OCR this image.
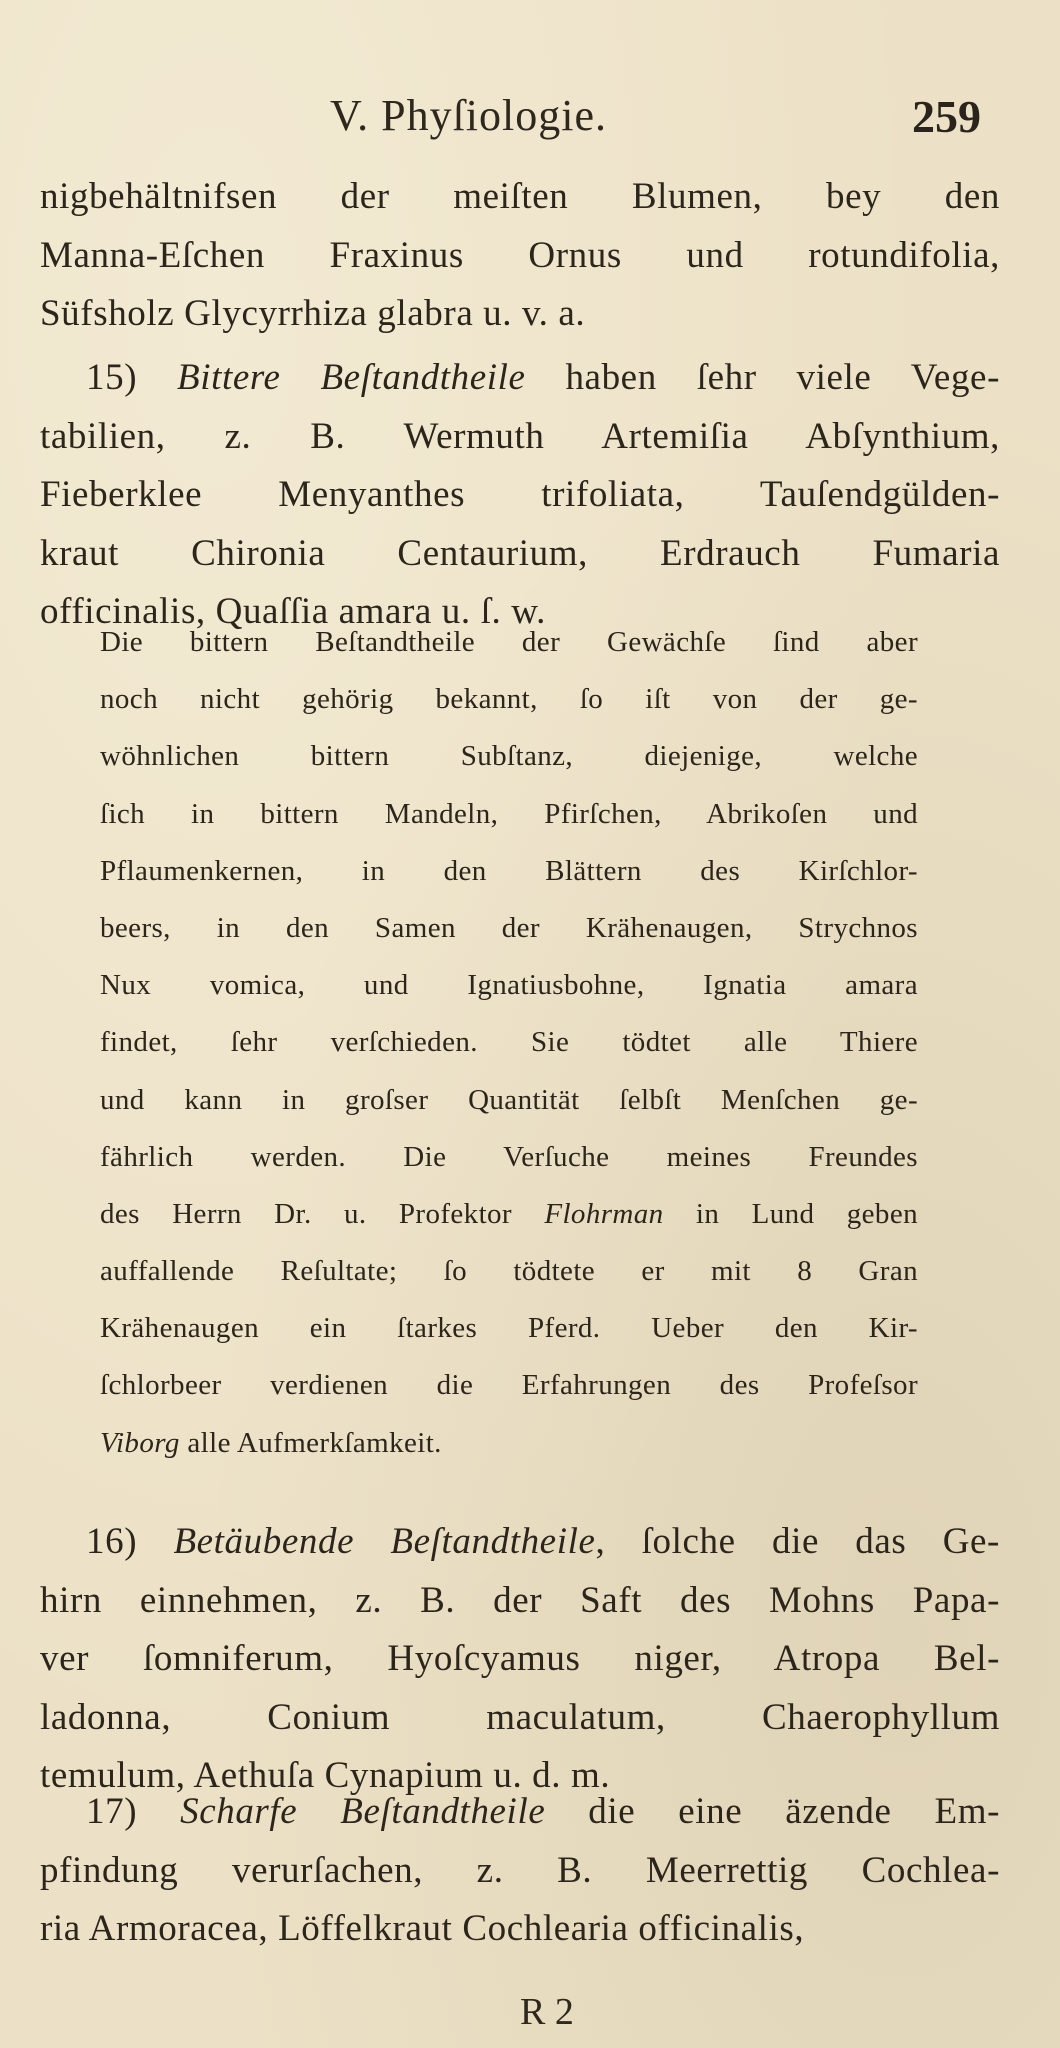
V. Phyſiologie.	259
nigbehältnifsen der meiſten Blumen, bey den
Manna-Eſchen Fraxinus Ornus und rotundifolia,
Süfsholz Glycyrrhiza glabra u. v. a.
15) Bittere Beſtandtheile haben ſehr viele Vege-
tabilien, z. B. Wermuth Artemiſia Abſynthium,
Fieberklee Menyanthes trifoliata, Tauſendgülden-
kraut Chironia Centaurium, Erdrauch Fumaria
officinalis, Quaſſia amara u. ſ. w.
Die bittern Beſtandtheile der Gewächſe ſind aber
noch nicht gehörig bekannt, ſo iſt von der ge-
wöhnlichen bittern Subſtanz, diejenige, welche
ſich in bittern Mandeln, Pfirſchen, Abrikoſen und
Pflaumenkernen, in den Blättern des Kirſchlor-
beers, in den Samen der Krähenaugen, Strychnos
Nux vomica, und Ignatiusbohne, Ignatia amara
findet, ſehr verſchieden. Sie tödtet alle Thiere
und kann in groſser Quantität ſelbſt Menſchen ge-
fährlich werden. Die Verſuche meines Freundes
des Herrn Dr. u. Profektor Flohrman in Lund geben
auffallende Reſultate; ſo tödtete er mit 8 Gran
Krähenaugen ein ſtarkes Pferd. Ueber den Kir-
ſchlorbeer verdienen die Erfahrungen des Profeſsor
Viborg alle Aufmerkſamkeit.
16) Betäubende Beſtandtheile, ſolche die das Ge-
hirn einnehmen, z. B. der Saft des Mohns Papa-
ver ſomniferum, Hyoſcyamus niger, Atropa Bel-
ladonna, Conium maculatum, Chaerophyllum
temulum, Aethuſa Cynapium u. d. m.
17) Scharfe Beſtandtheile die eine äzende Em-
pfindung verurſachen, z. B. Meerrettig Cochlea-
ria Armoracea, Löffelkraut Cochlearia officinalis,
R 2
